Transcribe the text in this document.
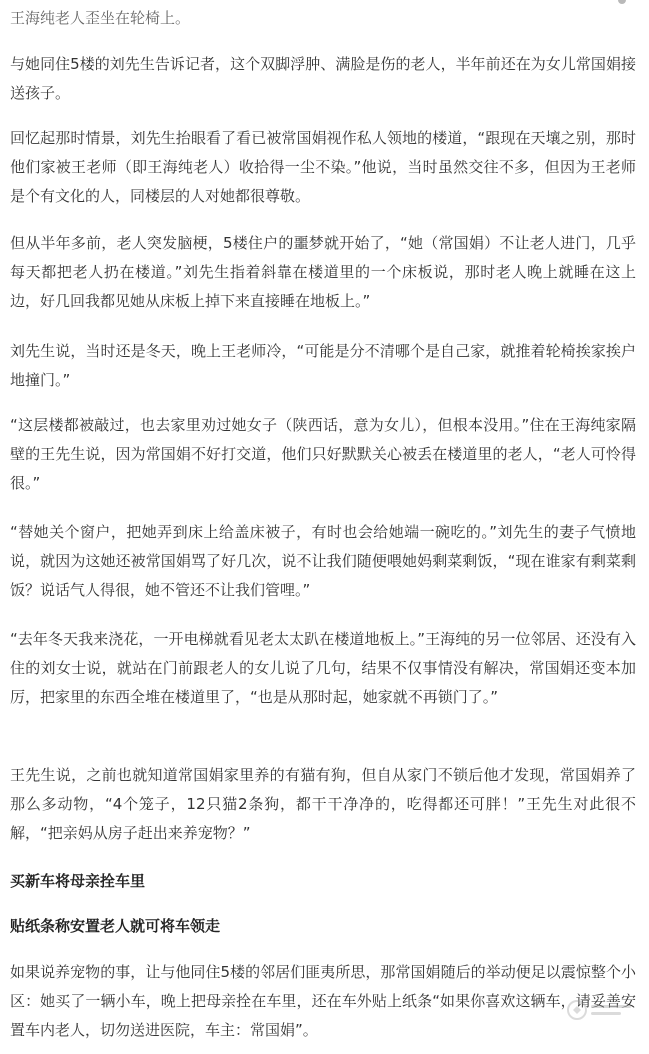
王海纯老人歪坐在轮椅上。

与她同住5楼的刘先生告诉记者，这个双脚浮肿、满脸是伤的老人，半年前还在为女儿常国娟接送孩子。

回忆起那时情景，刘先生抬眼看了看已被常国娟视作私人领地的楼道，“跟现在天壤之别，那时他们家被王老师（即王海纯老人）收拾得一尘不染。”他说，当时虽然交往不多，但因为王老师是个有文化的人，同楼层的人对她都很尊敬。

但从半年多前，老人突发脑梗，5楼住户的噩梦就开始了，“她（常国娟）不让老人进门，几乎每天都把老人扔在楼道。”刘先生指着斜靠在楼道里的一个床板说，那时老人晚上就睡在这上边，好几回我都见她从床板上掉下来直接睡在地板上。”

刘先生说，当时还是冬天，晚上王老师冷，“可能是分不清哪个是自己家，就推着轮椅挨家挨户地撞门。”

“这层楼都被敲过，也去家里劝过她女子（陕西话，意为女儿），但根本没用。”住在王海纯家隔壁的王先生说，因为常国娟不好打交道，他们只好默默关心被丢在楼道里的老人，“老人可怜得很。”

“替她关个窗户，把她弄到床上给盖床被子，有时也会给她端一碗吃的。”刘先生的妻子气愤地说，就因为这她还被常国娟骂了好几次，说不让我们随便喂她妈剩菜剩饭，“现在谁家有剩菜剩饭？说话气人得很，她不管还不让我们管哩。”

“去年冬天我来浇花，一开电梯就看见老太太趴在楼道地板上。”王海纯的另一位邻居、还没有入住的刘女士说，就站在门前跟老人的女儿说了几句，结果不仅事情没有解决，常国娟还变本加厉，把家里的东西全堆在楼道里了，“也是从那时起，她家就不再锁门了。”

王先生说，之前也就知道常国娟家里养的有猫有狗，但自从家门不锁后他才发现，常国娟养了那么多动物，“4个笼子，12只猫2条狗，都干干净净的，吃得都还可胖！”王先生对此很不解，“把亲妈从房子赶出来养宠物？”

买新车将母亲拴车里
贴纸条称安置老人就可将车领走

如果说养宠物的事，让与他同住5楼的邻居们匪夷所思，那常国娟随后的举动便足以震惊整个小区：她买了一辆小车，晚上把母亲拴在车里，还在车外贴上纸条“如果你喜欢这辆车，请妥善安置车内老人，切勿送进医院，车主：常国娟”。
